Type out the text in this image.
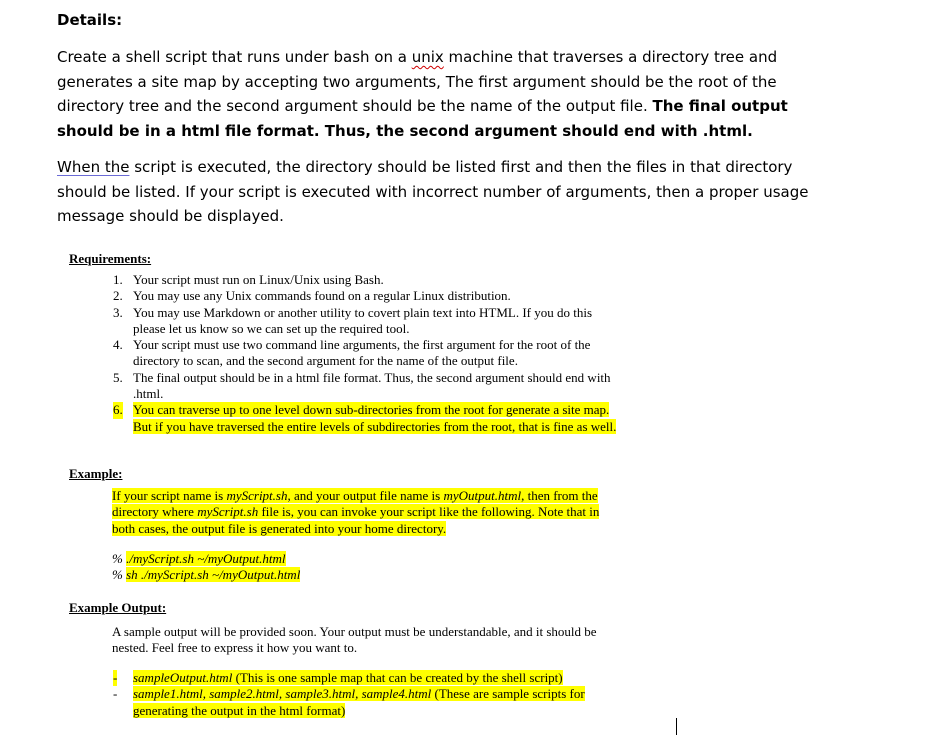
Details:

Create a shell script that runs under bash on a unix machine that traverses a directory tree and generates a site map by accepting two arguments, The first argument should be the root of the directory tree and the second argument should be the name of the output file. The final output should be in a html file format. Thus, the second argument should end with .html.

When the script is executed, the directory should be listed first and then the files in that directory should be listed. If your script is executed with incorrect number of arguments, then a proper usage message should be displayed.

Requirements:
1. Your script must run on Linux/Unix using Bash.
2. You may use any Unix commands found on a regular Linux distribution.
3. You may use Markdown or another utility to covert plain text into HTML. If you do this please let us know so we can set up the required tool.
4. Your script must use two command line arguments, the first argument for the root of the directory to scan, and the second argument for the name of the output file.
5. The final output should be in a html file format. Thus, the second argument should end with .html.
6. You can traverse up to one level down sub-directories from the root for generate a site map. But if you have traversed the entire levels of subdirectories from the root, that is fine as well.
Example:

If your script name is myScript.sh, and your output file name is myOutput.html, then from the directory where myScript.sh file is, you can invoke your script like the following. Note that in both cases, the output file is generated into your home directory.

% ./myScript.sh ~/myOutput.html
% sh ./myScript.sh ~/myOutput.html
Example Output:

A sample output will be provided soon. Your output must be understandable, and it should be nested. Feel free to express it how you want to.

- sampleOutput.html (This is one sample map that can be created by the shell script)
- sample1.html, sample2.html, sample3.html, sample4.html (These are sample scripts for generating the output in the html format)
